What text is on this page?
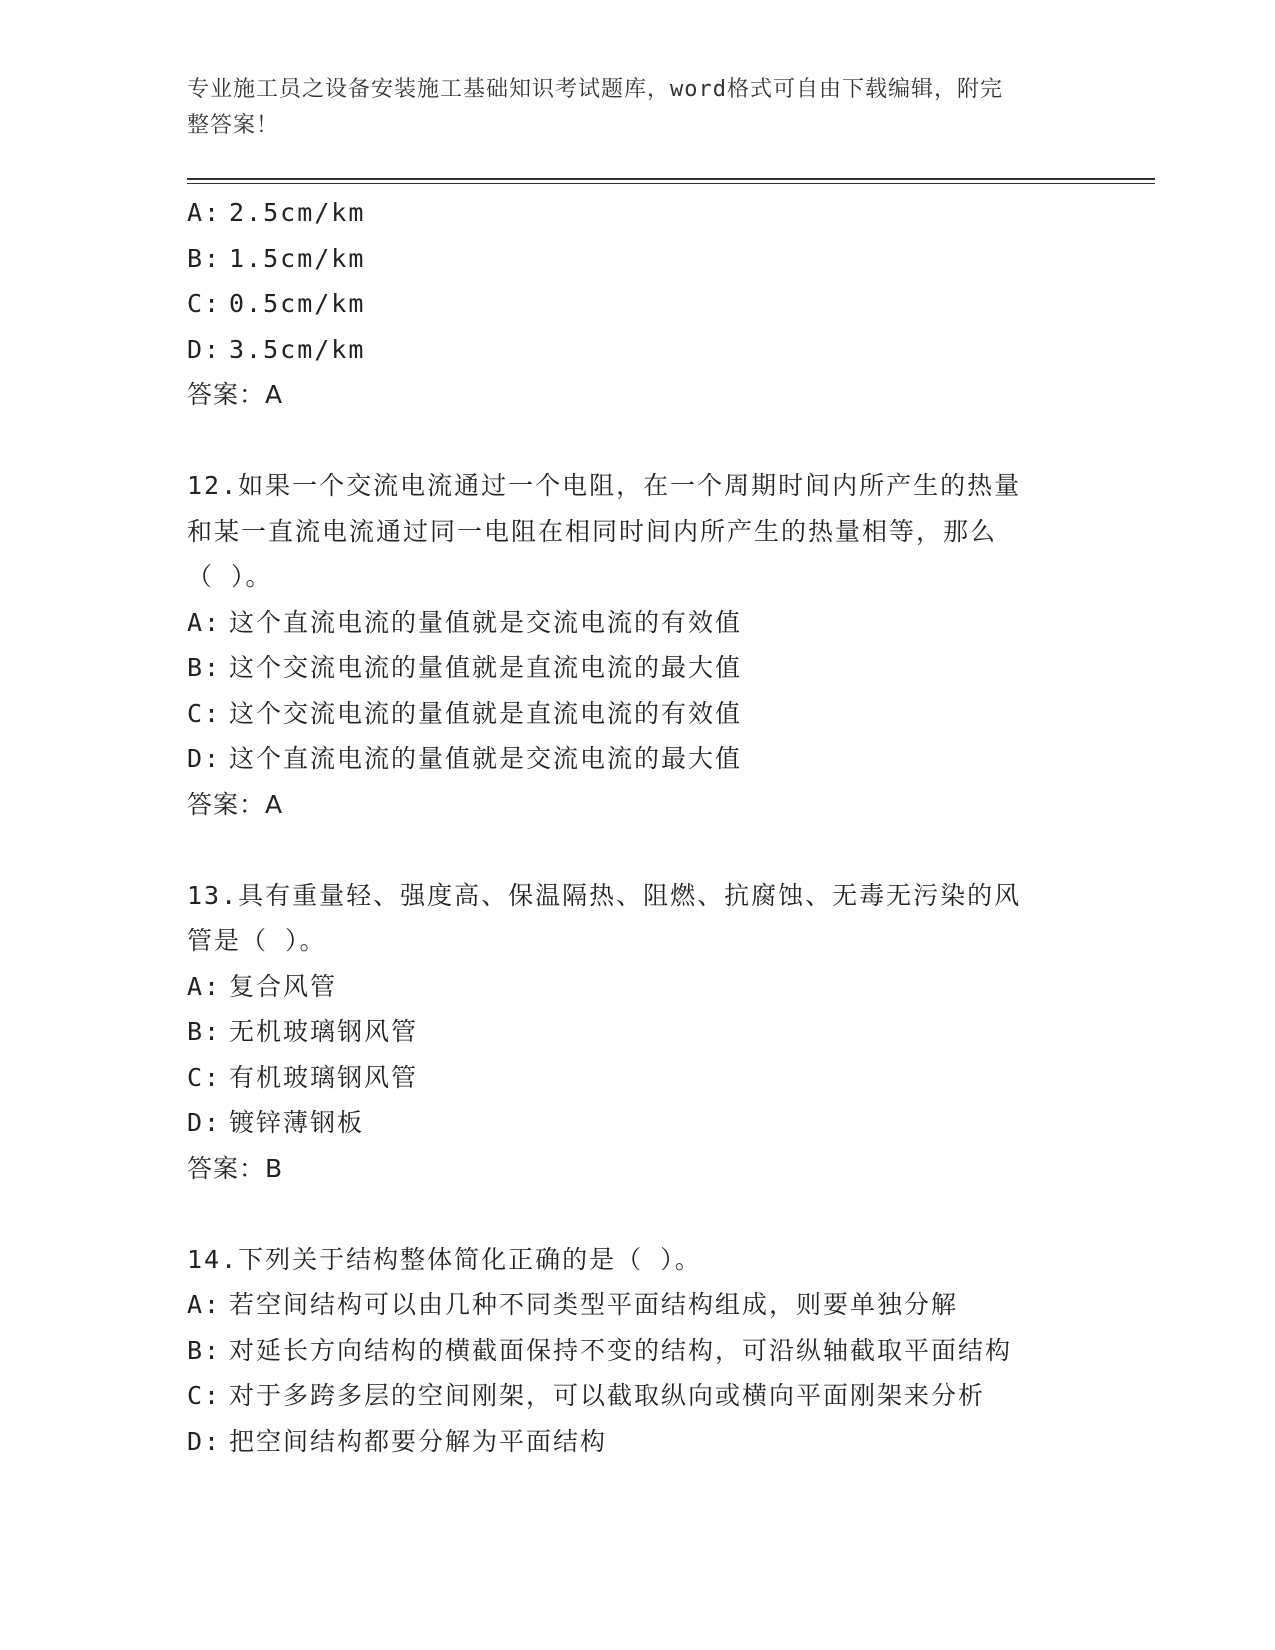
专业施工员之设备安装施工基础知识考试题库，word格式可自由下载编辑，附完
整答案！
A: 2.5cm/km
B: 1.5cm/km
C: 0.5cm/km
D: 3.5cm/km
答案：A
12.如果一个交流电流通过一个电阻，在一个周期时间内所产生的热量
和某一直流电流通过同一电阻在相同时间内所产生的热量相等，那么
（ ）。
A: 这个直流电流的量值就是交流电流的有效值
B: 这个交流电流的量值就是直流电流的最大值
C: 这个交流电流的量值就是直流电流的有效值
D: 这个直流电流的量值就是交流电流的最大值
答案：A
13.具有重量轻、强度高、保温隔热、阻燃、抗腐蚀、无毒无污染的风
管是（ ）。
A: 复合风管
B: 无机玻璃钢风管
C: 有机玻璃钢风管
D: 镀锌薄钢板
答案：B
14.下列关于结构整体简化正确的是（ ）。
A: 若空间结构可以由几种不同类型平面结构组成，则要单独分解
B: 对延长方向结构的横截面保持不变的结构，可沿纵轴截取平面结构
C: 对于多跨多层的空间刚架，可以截取纵向或横向平面刚架来分析
D: 把空间结构都要分解为平面结构
